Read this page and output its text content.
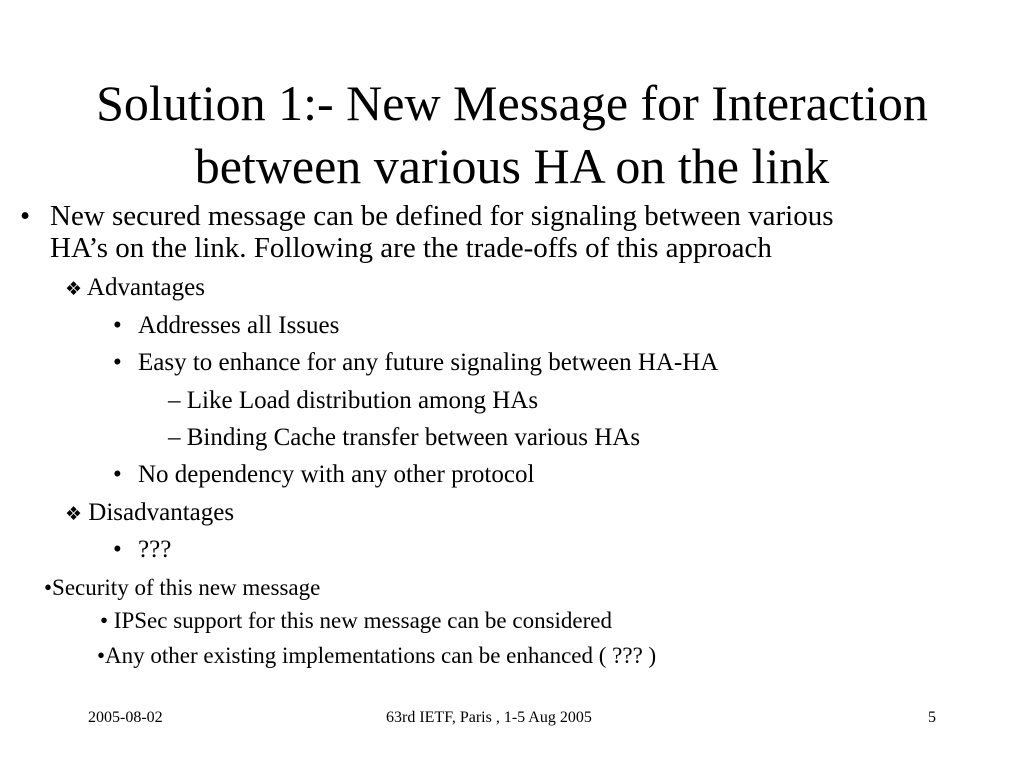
Solution 1:- New Message for Interaction
between various HA on the link
• New secured message can be defined for signaling between various
HA’s on the link. Following are the trade-offs of this approach
❖ Advantages
• Addresses all Issues
• Easy to enhance for any future signaling between HA-HA
– Like Load distribution among HAs
– Binding Cache transfer between various HAs
• No dependency with any other protocol
❖ Disadvantages
• ???
•Security of this new message
• IPSec support for this new message can be considered
•Any other existing implementations can be enhanced ( ??? )
2005-08-02	63rd IETF, Paris , 1-5 Aug 2005	5
